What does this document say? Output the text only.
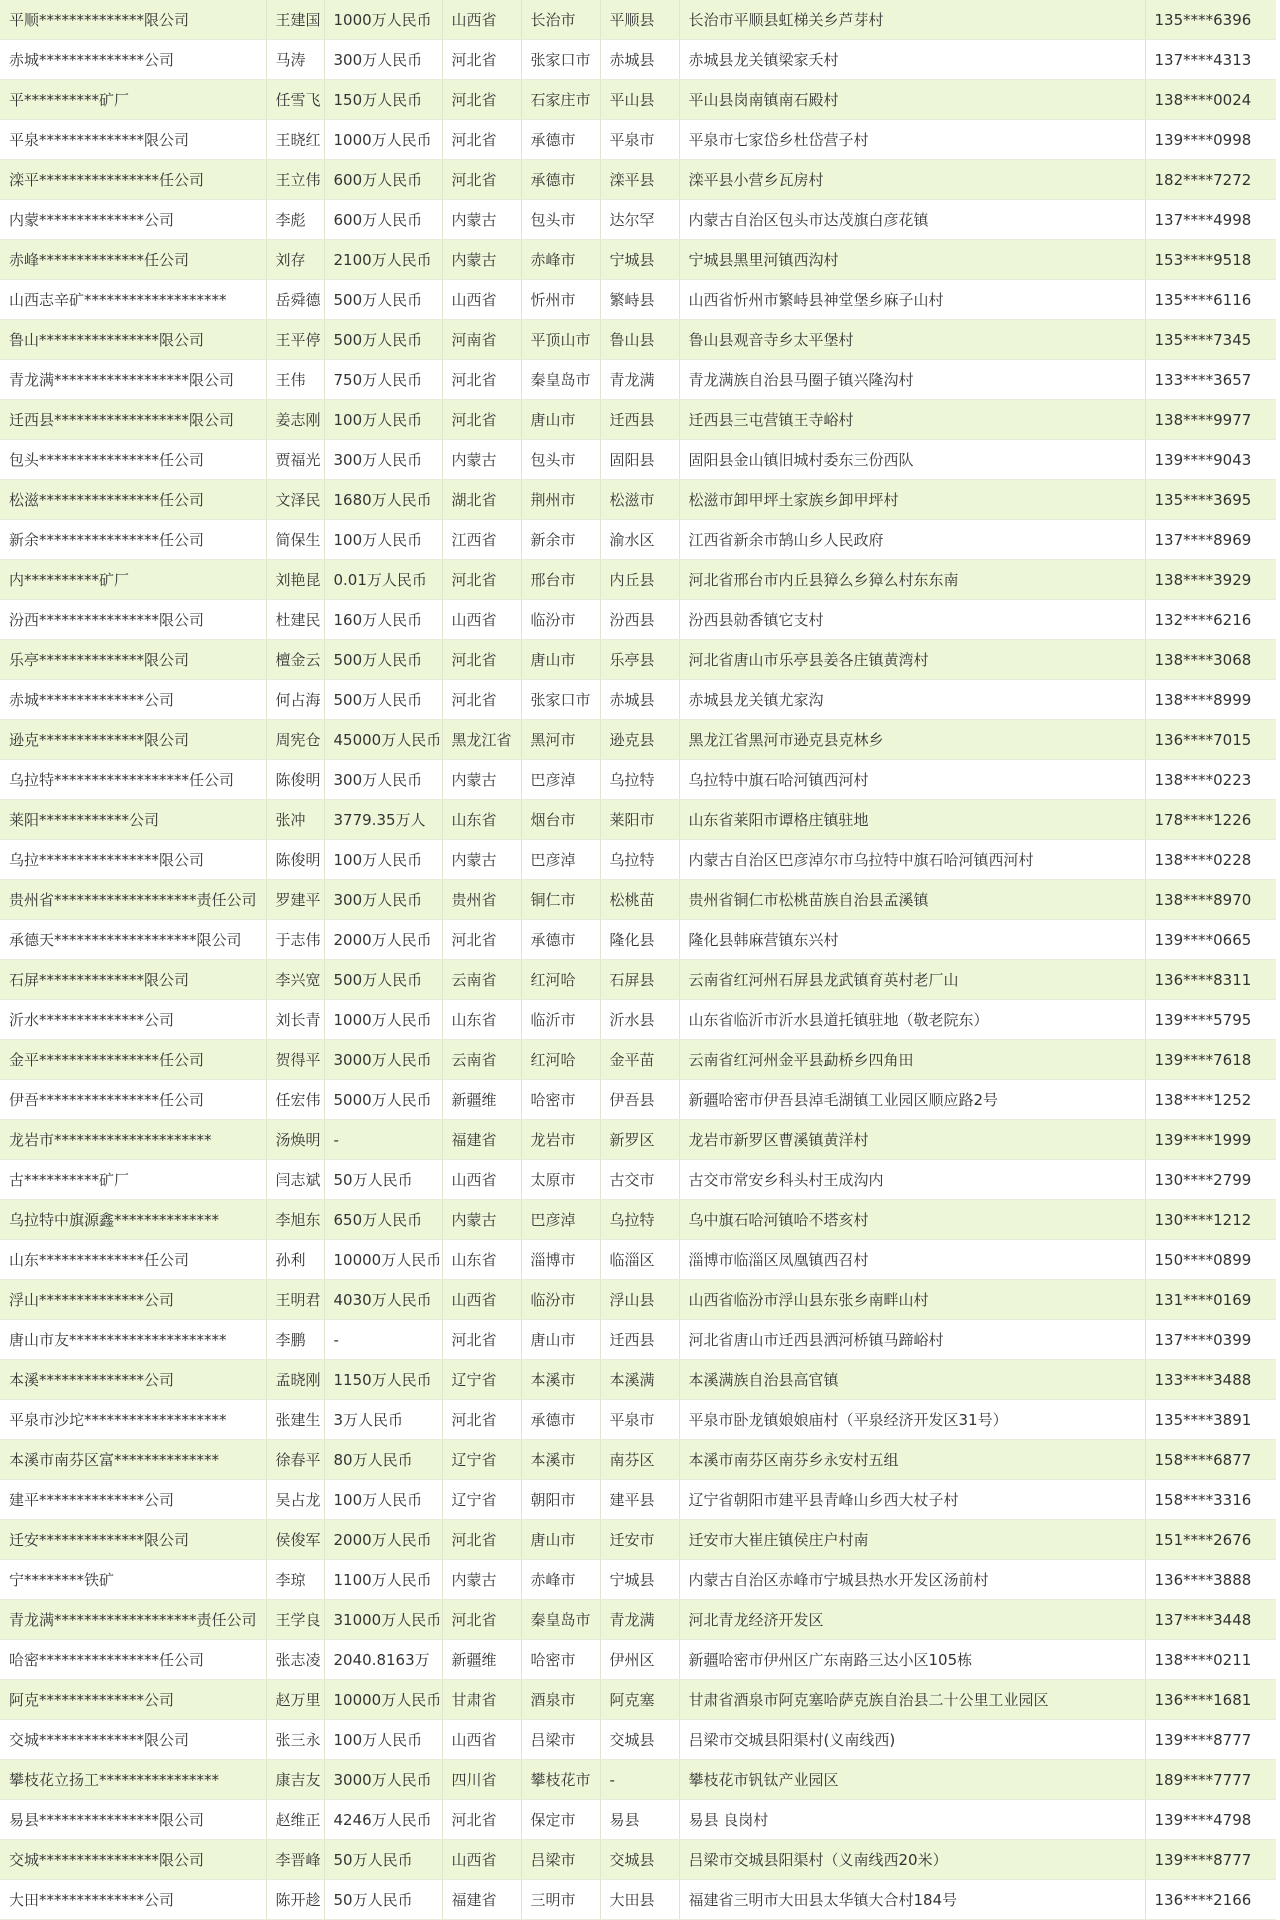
平顺**************限公司	王建国	1000万人民币	山西省	长治市	平顺县	长治市平顺县虹梯关乡芦芽村	135****6396
赤城**************公司	马涛	300万人民币	河北省	张家口市	赤城县	赤城县龙关镇梁家夭村	137****4313
平**********矿厂	任雪飞	150万人民币	河北省	石家庄市	平山县	平山县岗南镇南石殿村	138****0024
平泉**************限公司	王晓红	1000万人民币	河北省	承德市	平泉市	平泉市七家岱乡杜岱营子村	139****0998
滦平****************任公司	王立伟	600万人民币	河北省	承德市	滦平县	滦平县小营乡瓦房村	182****7272
内蒙**************公司	李彪	600万人民币	内蒙古	包头市	达尔罕	内蒙古自治区包头市达茂旗白彦花镇	137****4998
赤峰**************任公司	刘存	2100万人民币	内蒙古	赤峰市	宁城县	宁城县黑里河镇西沟村	153****9518
山西志辛矿*******************	岳舜德	500万人民币	山西省	忻州市	繁峙县	山西省忻州市繁峙县神堂堡乡麻子山村	135****6116
鲁山****************限公司	王平停	500万人民币	河南省	平顶山市	鲁山县	鲁山县观音寺乡太平堡村	135****7345
青龙满******************限公司	王伟	750万人民币	河北省	秦皇岛市	青龙满	青龙满族自治县马圈子镇兴隆沟村	133****3657
迁西县******************限公司	姜志刚	100万人民币	河北省	唐山市	迁西县	迁西县三屯营镇王寺峪村	138****9977
包头****************任公司	贾福光	300万人民币	内蒙古	包头市	固阳县	固阳县金山镇旧城村委东三份西队	139****9043
松滋****************任公司	文泽民	1680万人民币	湖北省	荆州市	松滋市	松滋市卸甲坪土家族乡卸甲坪村	135****3695
新余****************任公司	简保生	100万人民币	江西省	新余市	渝水区	江西省新余市鹄山乡人民政府	137****8969
内**********矿厂	刘艳昆	0.01万人民币	河北省	邢台市	内丘县	河北省邢台市内丘县獐么乡獐么村东东南	138****3929
汾西****************限公司	杜建民	160万人民币	山西省	临汾市	汾西县	汾西县勍香镇它支村	132****6216
乐亭**************限公司	檀金云	500万人民币	河北省	唐山市	乐亭县	河北省唐山市乐亭县姜各庄镇黄湾村	138****3068
赤城**************公司	何占海	500万人民币	河北省	张家口市	赤城县	赤城县龙关镇尤家沟	138****8999
逊克**************限公司	周宪仓	45000万人民币	黑龙江省	黑河市	逊克县	黑龙江省黑河市逊克县克林乡	136****7015
乌拉特******************任公司	陈俊明	300万人民币	内蒙古	巴彦淖	乌拉特	乌拉特中旗石哈河镇西河村	138****0223
莱阳************公司	张冲	3779.35万人	山东省	烟台市	莱阳市	山东省莱阳市谭格庄镇驻地	178****1226
乌拉****************限公司	陈俊明	100万人民币	内蒙古	巴彦淖	乌拉特	内蒙古自治区巴彦淖尔市乌拉特中旗石哈河镇西河村	138****0228
贵州省*******************责任公司	罗建平	300万人民币	贵州省	铜仁市	松桃苗	贵州省铜仁市松桃苗族自治县孟溪镇	138****8970
承德天*******************限公司	于志伟	2000万人民币	河北省	承德市	隆化县	隆化县韩麻营镇东兴村	139****0665
石屏**************限公司	李兴宽	500万人民币	云南省	红河哈	石屏县	云南省红河州石屏县龙武镇育英村老厂山	136****8311
沂水**************公司	刘长青	1000万人民币	山东省	临沂市	沂水县	山东省临沂市沂水县道托镇驻地（敬老院东）	139****5795
金平****************任公司	贺得平	3000万人民币	云南省	红河哈	金平苗	云南省红河州金平县勐桥乡四角田	139****7618
伊吾****************任公司	任宏伟	5000万人民币	新疆维	哈密市	伊吾县	新疆哈密市伊吾县淖毛湖镇工业园区顺应路2号	138****1252
龙岩市*********************	汤焕明	-	福建省	龙岩市	新罗区	龙岩市新罗区曹溪镇黄洋村	139****1999
古**********矿厂	闫志斌	50万人民币	山西省	太原市	古交市	古交市常安乡科头村王成沟内	130****2799
乌拉特中旗源鑫**************	李旭东	650万人民币	内蒙古	巴彦淖	乌拉特	乌中旗石哈河镇哈不塔亥村	130****1212
山东**************任公司	孙利	10000万人民币	山东省	淄博市	临淄区	淄博市临淄区凤凰镇西召村	150****0899
浮山**************公司	王明君	4030万人民币	山西省	临汾市	浮山县	山西省临汾市浮山县东张乡南畔山村	131****0169
唐山市友*********************	李鹏	-	河北省	唐山市	迁西县	河北省唐山市迁西县洒河桥镇马蹄峪村	137****0399
本溪**************公司	孟晓刚	1150万人民币	辽宁省	本溪市	本溪满	本溪满族自治县高官镇	133****3488
平泉市沙坨*******************	张建生	3万人民币	河北省	承德市	平泉市	平泉市卧龙镇娘娘庙村（平泉经济开发区31号）	135****3891
本溪市南芬区富**************	徐春平	80万人民币	辽宁省	本溪市	南芬区	本溪市南芬区南芬乡永安村五组	158****6877
建平**************公司	吴占龙	100万人民币	辽宁省	朝阳市	建平县	辽宁省朝阳市建平县青峰山乡西大杖子村	158****3316
迁安**************限公司	侯俊军	2000万人民币	河北省	唐山市	迁安市	迁安市大崔庄镇侯庄户村南	151****2676
宁********铁矿	李琼	1100万人民币	内蒙古	赤峰市	宁城县	内蒙古自治区赤峰市宁城县热水开发区汤前村	136****3888
青龙满*******************责任公司	王学良	31000万人民币	河北省	秦皇岛市	青龙满	河北青龙经济开发区	137****3448
哈密****************任公司	张志凌	2040.8163万	新疆维	哈密市	伊州区	新疆哈密市伊州区广东南路三达小区105栋	138****0211
阿克**************公司	赵万里	10000万人民币	甘肃省	酒泉市	阿克塞	甘肃省酒泉市阿克塞哈萨克族自治县二十公里工业园区	136****1681
交城**************限公司	张三永	100万人民币	山西省	吕梁市	交城县	吕梁市交城县阳渠村(义南线西)	139****8777
攀枝花立扬工****************	康吉友	3000万人民币	四川省	攀枝花市	-	攀枝花市钒钛产业园区	189****7777
易县****************限公司	赵维正	4246万人民币	河北省	保定市	易县	易县 良岗村	139****4798
交城****************限公司	李晋峰	50万人民币	山西省	吕梁市	交城县	吕梁市交城县阳渠村（义南线西20米）	139****8777
大田**************公司	陈开趁	50万人民币	福建省	三明市	大田县	福建省三明市大田县太华镇大合村184号	136****2166
